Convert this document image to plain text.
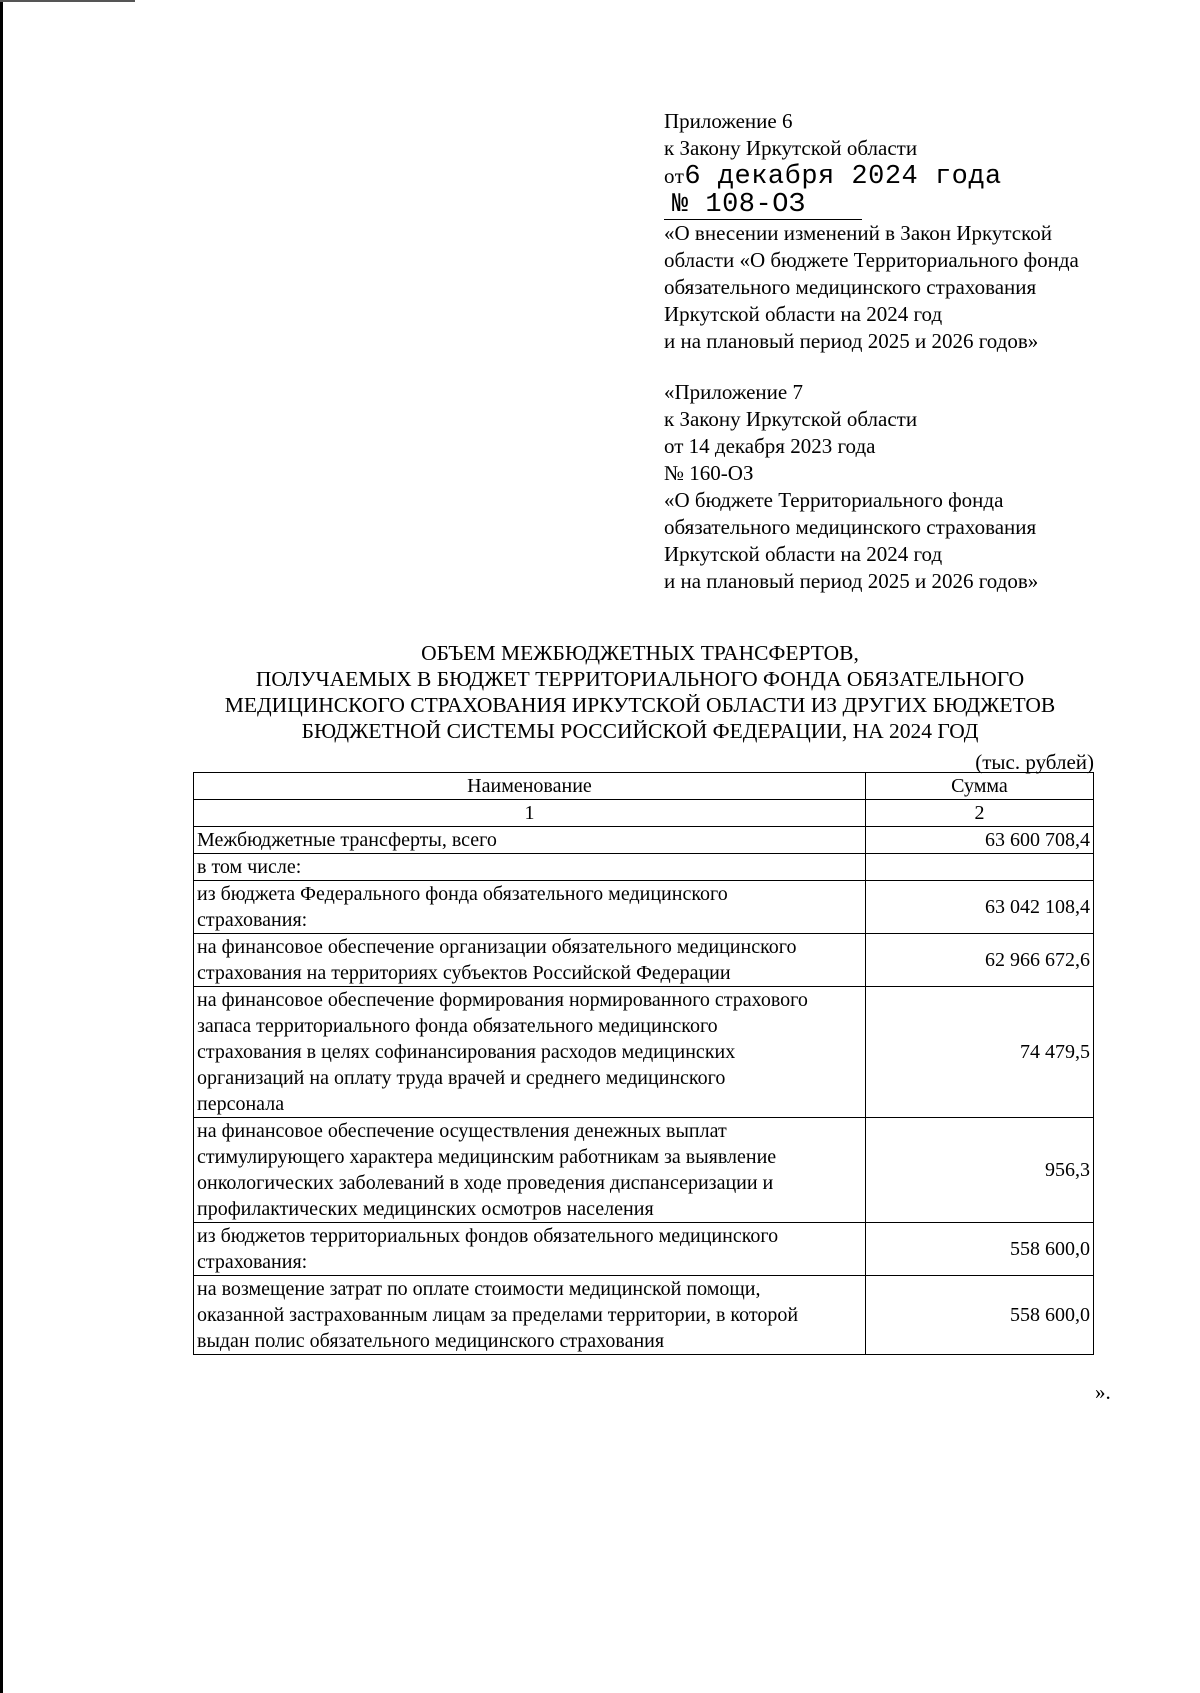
Приложение 6
к Закону Иркутской области
от6 декабря 2024 года
№ 108-ОЗ
«О внесении изменений в Закон Иркутской
области «О бюджете Территориального фонда
обязательного медицинского страхования
Иркутской области на 2024 год
и на плановый период 2025 и 2026 годов»
«Приложение 7
к Закону Иркутской области
от 14 декабря 2023 года
№ 160-ОЗ
«О бюджете Территориального фонда
обязательного медицинского страхования
Иркутской области на 2024 год
и на плановый период 2025 и 2026 годов»
ОБЪЕМ МЕЖБЮДЖЕТНЫХ ТРАНСФЕРТОВ,
ПОЛУЧАЕМЫХ В БЮДЖЕТ ТЕРРИТОРИАЛЬНОГО ФОНДА ОБЯЗАТЕЛЬНОГО
МЕДИЦИНСКОГО СТРАХОВАНИЯ ИРКУТСКОЙ ОБЛАСТИ ИЗ ДРУГИХ БЮДЖЕТОВ
БЮДЖЕТНОЙ СИСТЕМЫ РОССИЙСКОЙ ФЕДЕРАЦИИ, НА 2024 ГОД
(тыс. рублей)
Наименование	Сумма
1	2

Межбюджетные трансферты, всего	63 600 708,4

в том числе:	

из бюджета Федерального фонда обязательного медицинского
страхования:	63 042 108,4

на финансовое обеспечение организации обязательного медицинского
страхования на территориях субъектов Российской Федерации	62 966 672,6

на финансовое обеспечение формирования нормированного страхового
запаса территориального фонда обязательного медицинского
страхования в целях софинансирования расходов медицинских
организаций на оплату труда врачей и среднего медицинского
персонала	74 479,5

на финансовое обеспечение осуществления денежных выплат
стимулирующего характера медицинским работникам за выявление
онкологических заболеваний в ходе проведения диспансеризации и
профилактических медицинских осмотров населения	956,3

из бюджетов территориальных фондов обязательного медицинского
страхования:	558 600,0

на возмещение затрат по оплате стоимости медицинской помощи,
оказанной застрахованным лицам за пределами территории, в которой
выдан полис обязательного медицинского страхования	558 600,0
».
